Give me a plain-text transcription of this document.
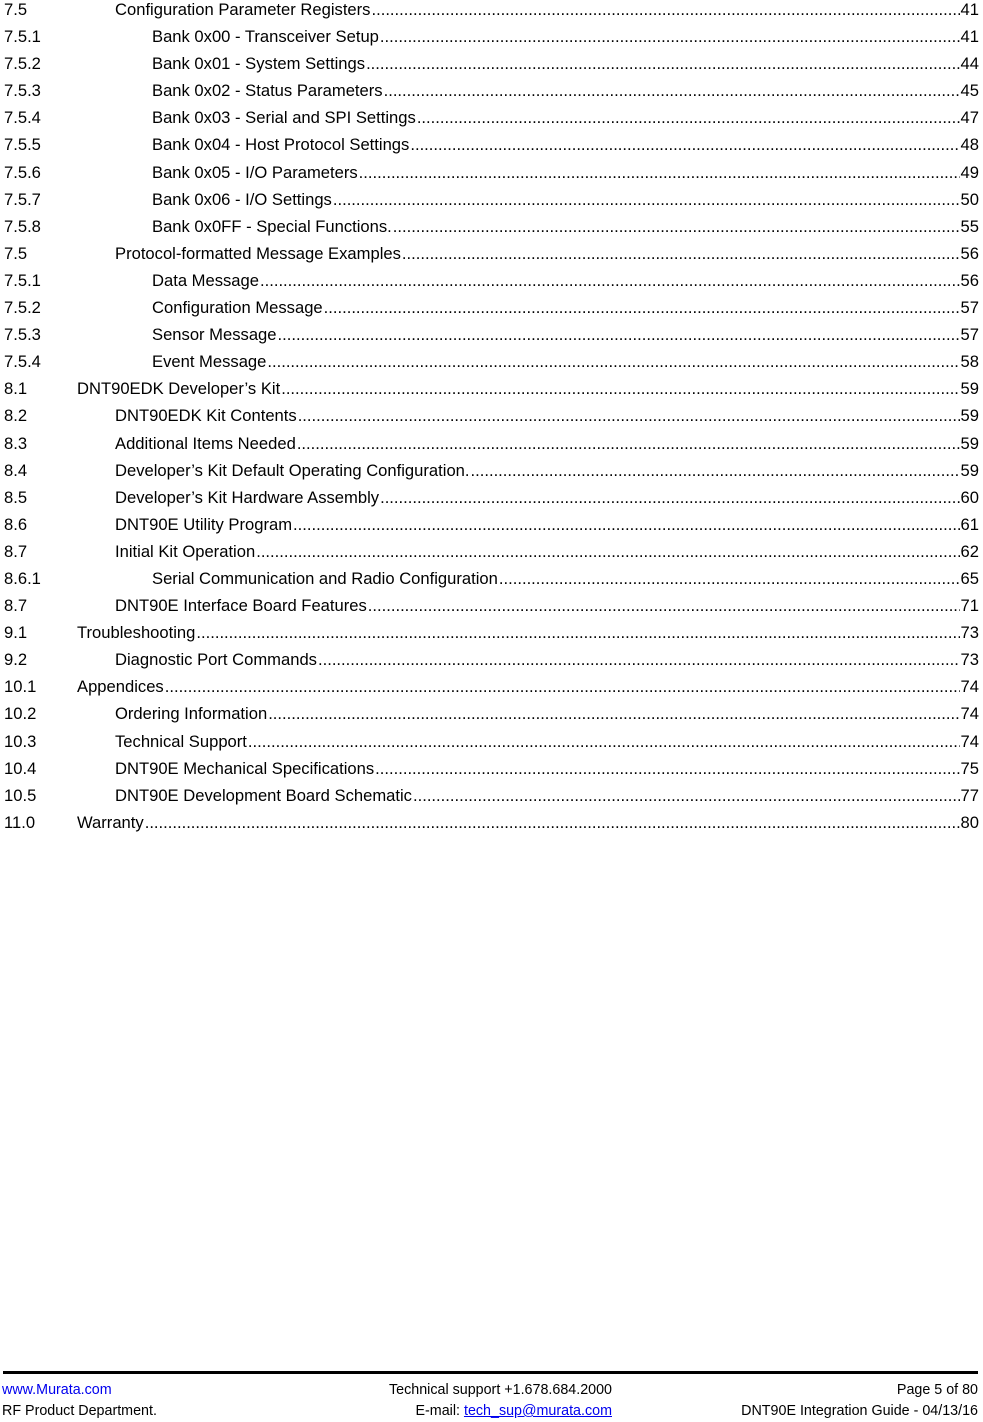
7.5	Configuration Parameter Registers .....	41
7.5.1	Bank 0x00 - Transceiver Setup .....	41
7.5.2	Bank 0x01 - System Settings .....	44
7.5.3	Bank 0x02 - Status Parameters .....	45
7.5.4	Bank 0x03 - Serial and SPI Settings .....	47
7.5.5	Bank 0x04 - Host Protocol Settings .....	48
7.5.6	Bank 0x05 - I/O Parameters .....	49
7.5.7	Bank 0x06 - I/O Settings .....	50
7.5.8	Bank 0x0FF - Special Functions. .....	55
7.5	Protocol-formatted Message Examples .....	56
7.5.1	Data Message .....	56
7.5.2	Configuration Message .....	57
7.5.3	Sensor Message .....	57
7.5.4	Event Message .....	58
8.1	DNT90EDK Developer’s Kit .....	59
8.2	DNT90EDK Kit Contents .....	59
8.3	Additional Items Needed .....	59
8.4	Developer’s Kit Default Operating Configuration. .....	59
8.5	Developer’s Kit Hardware Assembly .....	60
8.6	DNT90E Utility Program .....	61
8.7	Initial Kit Operation .....	62
8.6.1	Serial Communication and Radio Configuration .....	65
8.7	DNT90E Interface Board Features .....	71
9.1	Troubleshooting .....	73
9.2	Diagnostic Port Commands .....	73
10.1 Appendices .....	74
10.2	Ordering Information .....	74
10.3	Technical Support .....	74
10.4	DNT90E Mechanical Specifications .....	75
10.5	DNT90E Development Board Schematic .....	77
11.0	Warranty .....	80
www.Murata.com	Technical support +1.678.684.2000	Page 5 of 80
RF Product Department.	E-mail: tech_sup@murata.com	DNT90E Integration Guide - 04/13/16
